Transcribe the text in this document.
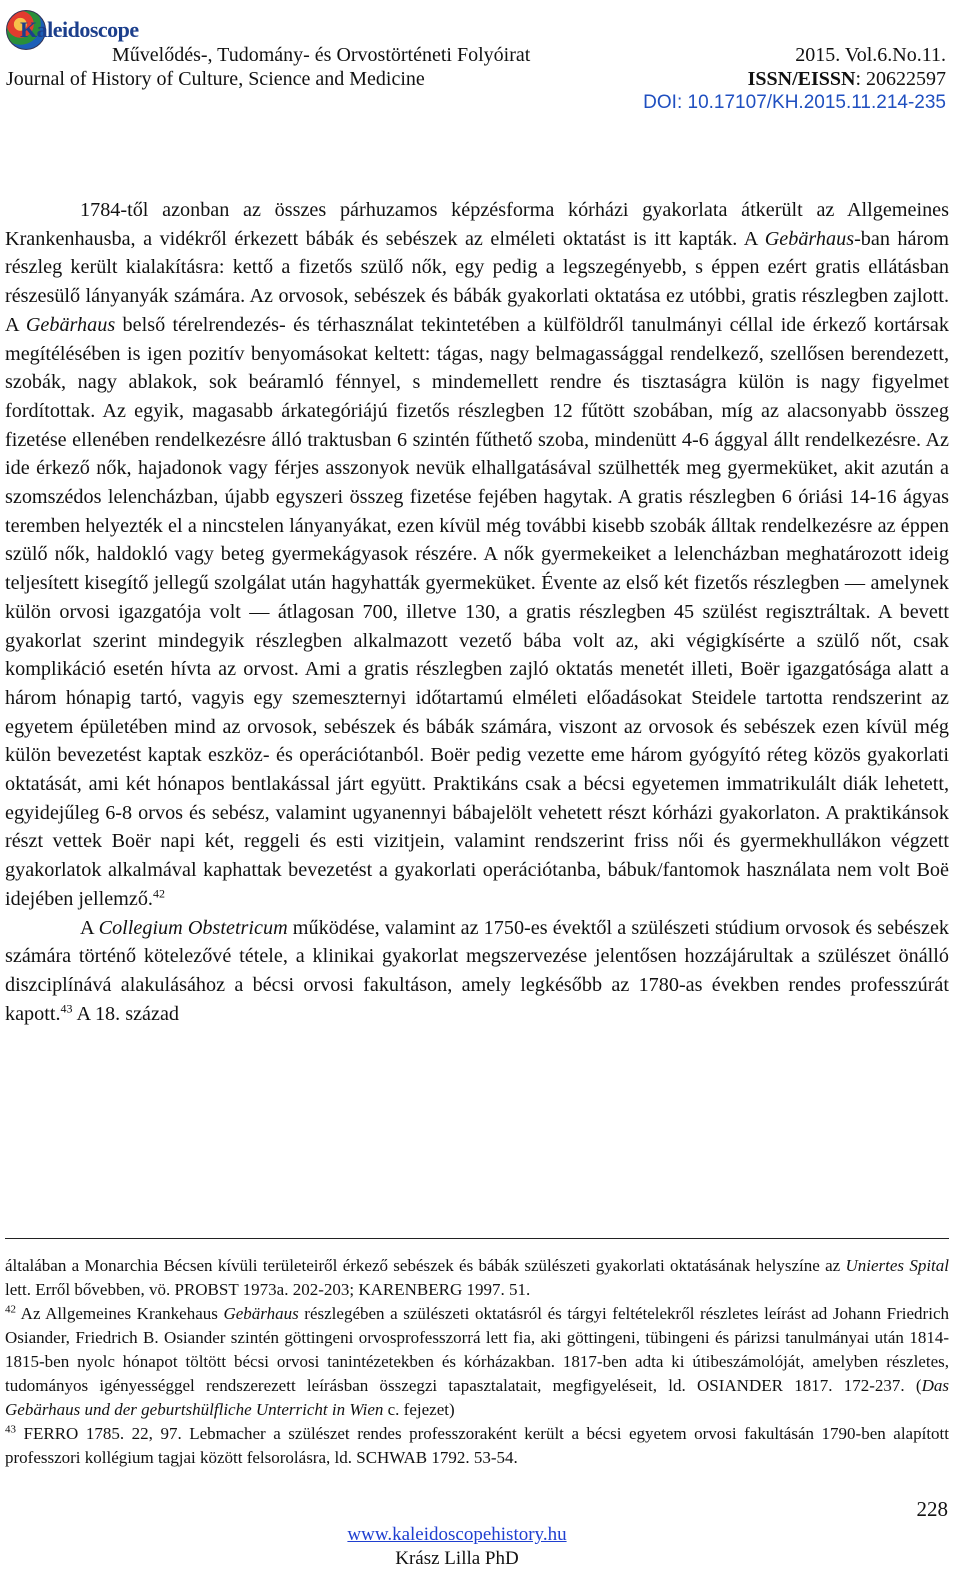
Kaleidoscope
Művelődés-, Tudomány- és Orvostörténeti Folyóirat
Journal of History of Culture, Science and Medicine
2015. Vol.6.No.11.
ISSN/EISSN: 20622597
DOI: 10.17107/KH.2015.11.214-235

1784-től azonban az összes párhuzamos képzésforma kórházi gyakorlata átkerült az Allgemeines Krankenhausba, a vidékről érkezett bábák és sebészek az elméleti oktatást is itt kapták. A Gebärhaus-ban három részleg került kialakításra: kettő a fizetős szülő nők, egy pedig a legszegényebb, s éppen ezért gratis ellátásban részesülő lányanyák számára. Az orvosok, sebészek és bábák gyakorlati oktatása ez utóbbi, gratis részlegben zajlott. A Gebärhaus belső térelrendezés- és térhasználat tekintetében a külföldről tanulmányi céllal ide érkező kortársak megítélésében is igen pozitív benyomásokat keltett: tágas, nagy belmagassággal rendelkező, szellősen berendezett, szobák, nagy ablakok, sok beáramló fénnyel, s mindemellett rendre és tisztaságra külön is nagy figyelmet fordítottak. Az egyik, magasabb árkategóriájú fizetős részlegben 12 fűtött szobában, míg az alacsonyabb összeg fizetése ellenében rendelkezésre álló traktusban 6 szintén fűthető szoba, mindenütt 4-6 ággyal állt rendelkezésre. Az ide érkező nők, hajadonok vagy férjes asszonyok nevük elhallgatásával szülhették meg gyermeküket, akit azután a szomszédos lelencházban, újabb egyszeri összeg fizetése fejében hagytak. A gratis részlegben 6 óriási 14-16 ágyas teremben helyezték el a nincstelen lányanyákat, ezen kívül még további kisebb szobák álltak rendelkezésre az éppen szülő nők, haldokló vagy beteg gyermekágyasok részére. A nők gyermekeiket a lelencházban meghatározott ideig teljesített kisegítő jellegű szolgálat után hagyhatták gyermeküket. Évente az első két fizetős részlegben — amelynek külön orvosi igazgatója volt — átlagosan 700, illetve 130, a gratis részlegben 45 szülést regisztráltak. A bevett gyakorlat szerint mindegyik részlegben alkalmazott vezető bába volt az, aki végigkísérte a szülő nőt, csak komplikáció esetén hívta az orvost. Ami a gratis részlegben zajló oktatás menetét illeti, Boër igazgatósága alatt a három hónapig tartó, vagyis egy szemeszternyi időtartamú elméleti előadásokat Steidele tartotta rendszerint az egyetem épületében mind az orvosok, sebészek és bábák számára, viszont az orvosok és sebészek ezen kívül még külön bevezetést kaptak eszköz- és operációtanból. Boër pedig vezette eme három gyógyító réteg közös gyakorlati oktatását, ami két hónapos bentlakással járt együtt. Praktikáns csak a bécsi egyetemen immatrikulált diák lehetett, egyidejűleg 6-8 orvos és sebész, valamint ugyanennyi bábajelölt vehetett részt kórházi gyakorlaton. A praktikánsok részt vettek Boër napi két, reggeli és esti vizitjein, valamint rendszerint friss női és gyermekhullákon végzett gyakorlatok alkalmával kaphattak bevezetést a gyakorlati operációtanba, bábuk/fantomok használata nem volt Boë idejében jellemző.$^{42}$

A Collegium Obstetricum működése, valamint az 1750-es évektől a szülészeti stúdium orvosok és sebészek számára történő kötelezővé tétele, a klinikai gyakorlat megszervezése jelentősen hozzájárultak a szülészet önálló diszciplínává alakulásához a bécsi orvosi fakultáson, amely legkésőbb az 1780-as években rendes professzúrát kapott.$^{43}$ A 18. század

általában a Monarchia Bécsen kívüli területeiről érkező sebészek és bábák szülészeti gyakorlati oktatásának helyszíne az Uniertes Spital lett. Erről bővebben, vö. PROBST 1973a. 202-203; KARENBERG 1997. 51.

$^{42}$ Az Allgemeines Krankehaus Gebärhaus részlegében a szülészeti oktatásról és tárgyi feltételekről részletes leírást ad Johann Friedrich Osiander, Friedrich B. Osiander szintén göttingeni orvosprofesszorrá lett fia, aki göttingeni, tübingeni és párizsi tanulmányai után 1814-1815-ben nyolc hónapot töltött bécsi orvosi tanintézetekben és kórházakban. 1817-ben adta ki útibeszámolóját, amelyben részletes, tudományos igényességgel rendszerezett leírásban összegzi tapasztalatait, megfigyeléseit, ld. OSIANDER 1817. 172-237. (Das Gebärhaus und der geburtshülfliche Unterricht in Wien c. fejezet)

$^{43}$ FERRO 1785. 22, 97. Lebmacher a szülészet rendes professzoraként került a bécsi egyetem orvosi fakultásán 1790-ben alapított professzori kollégium tagjai között felsorolásra, ld. SCHWAB 1792. 53-54.

228
www.kaleidoscopehistory.hu
Krász Lilla PhD
